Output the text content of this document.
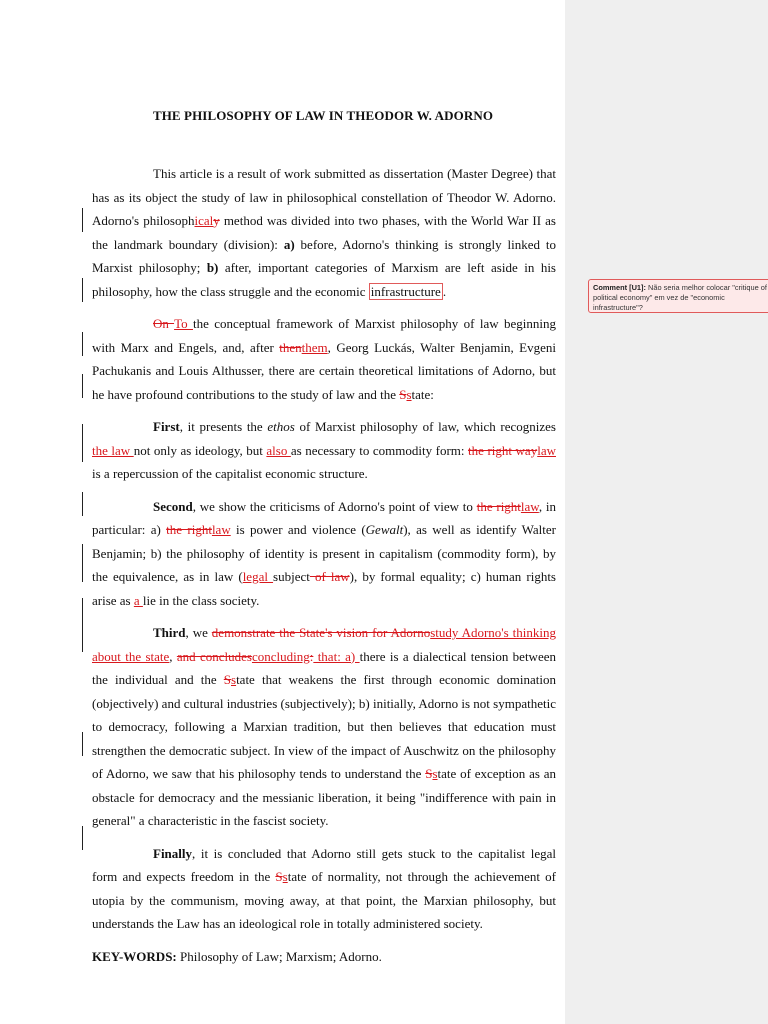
Comment [U1]: Não seria melhor colocar "critique of political economy" em vez de "economic infrastructure"?
THE PHILOSOPHY OF LAW IN THEODOR W. ADORNO

This article is a result of work submitted as dissertation (Master Degree) that has as its object the study of law in philosophical constellation of Theodor W. Adorno. Adorno's philosophicaly method was divided into two phases, with the World War II as the landmark boundary (division): a) before, Adorno's thinking is strongly linked to Marxist philosophy; b) after, important categories of Marxism are left aside in his philosophy, how the class struggle and the economic infrastructure .

On To the conceptual framework of Marxist philosophy of law beginning with Marx and Engels, and, after thenthem, Georg Luckás, Walter Benjamin, Evgeni Pachukanis and Louis Althusser, there are certain theoretical limitations of Adorno, but he have profound contributions to the study of law and the Sstate:

First, it presents the ethos of Marxist philosophy of law, which recognizes the law not only as ideology, but also as necessary to commodity form: the right waylaw is a repercussion of the capitalist economic structure.

Second, we show the criticisms of Adorno's point of view to the rightlaw, in particular: a) the rightlaw is power and violence (Gewalt), as well as identify Walter Benjamin; b) the philosophy of identity is present in capitalism (commodity form), by the equivalence, as in law (legal subject of law), by formal equality; c) human rights arise as a lie in the class society.

Third, we demonstrate the State's vision for Adornostudy Adorno's thinking about the state, and concludesconcluding: that: a) there is a dialectical tension between the individual and the Sstate that weakens the first through economic domination (objectively) and cultural industries (subjectively); b) initially, Adorno is not sympathetic to democracy, following a Marxian tradition, but then believes that education must strengthen the democratic subject. In view of the impact of Auschwitz on the philosophy of Adorno, we saw that his philosophy tends to understand the Sstate of exception as an obstacle for democracy and the messianic liberation, it being "indifference with pain in general" a characteristic in the fascist society.

Finally, it is concluded that Adorno still gets stuck to the capitalist legal form and expects freedom in the Sstate of normality, not through the achievement of utopia by the communism, moving away, at that point, the Marxian philosophy, but understands the Law has an ideological role in totally administered society.

KEY-WORDS: Philosophy of Law; Marxism; Adorno.
